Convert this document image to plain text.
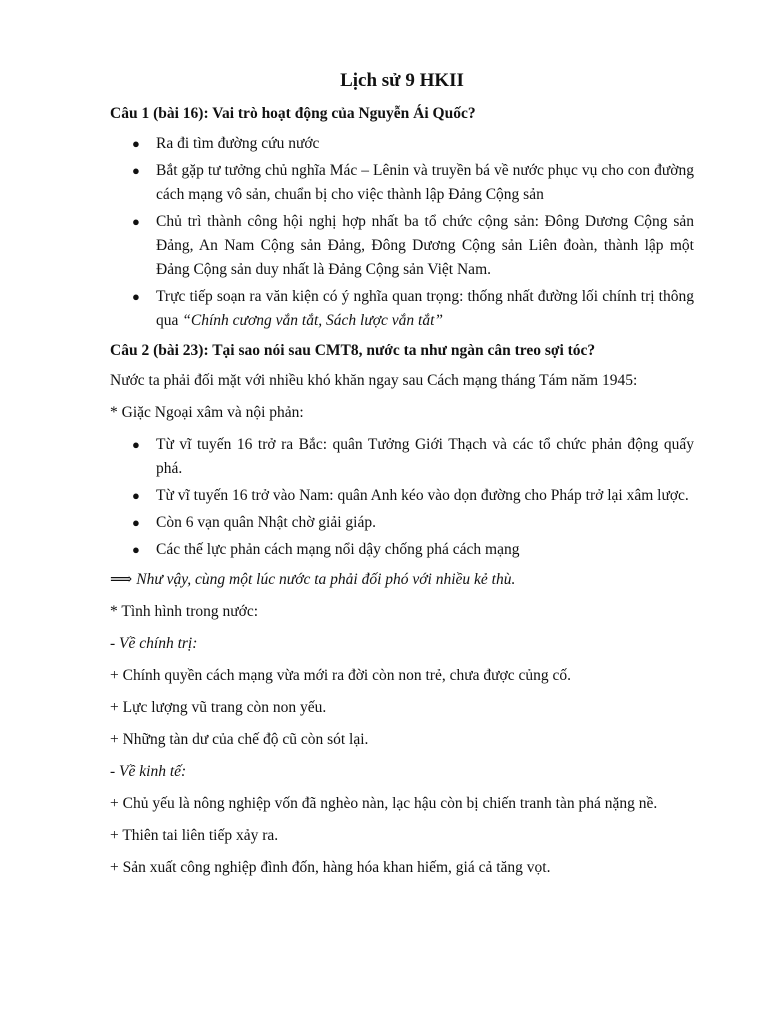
Lịch sử 9 HKII
Câu 1 (bài 16): Vai trò hoạt động của Nguyễn Ái Quốc?
● Ra đi tìm đường cứu nước
● Bắt gặp tư tưởng chủ nghĩa Mác – Lênin và truyền bá về nước phục vụ cho con đường cách mạng vô sản, chuẩn bị cho việc thành lập Đảng Cộng sản
● Chủ trì thành công hội nghị hợp nhất ba tổ chức cộng sản: Đông Dương Cộng sản Đảng, An Nam Cộng sản Đảng, Đông Dương Cộng sản Liên đoàn, thành lập một Đảng Cộng sản duy nhất là Đảng Cộng sản Việt Nam.
● Trực tiếp soạn ra văn kiện có ý nghĩa quan trọng: thống nhất đường lối chính trị thông qua “Chính cương vắn tắt, Sách lược vắn tắt”
Câu 2 (bài 23): Tại sao nói sau CMT8, nước ta như ngàn cân treo sợi tóc?
Nước ta phải đối mặt với nhiều khó khăn ngay sau Cách mạng tháng Tám năm 1945:
* Giặc Ngoại xâm và nội phản:
● Từ vĩ tuyến 16 trở ra Bắc: quân Tưởng Giới Thạch và các tổ chức phản động quấy phá.
● Từ vĩ tuyến 16 trở vào Nam: quân Anh kéo vào dọn đường cho Pháp trở lại xâm lược.
● Còn 6 vạn quân Nhật chờ giải giáp.
● Các thế lực phản cách mạng nổi dậy chống phá cách mạng
⟹ Như vậy, cùng một lúc nước ta phải đối phó với nhiều kẻ thù.
* Tình hình trong nước:
- Về chính trị:
+ Chính quyền cách mạng vừa mới ra đời còn non trẻ, chưa được củng cố.
+ Lực lượng vũ trang còn non yếu.
+ Những tàn dư của chế độ cũ còn sót lại.
- Về kinh tế:
+ Chủ yếu là nông nghiệp vốn đã nghèo nàn, lạc hậu còn bị chiến tranh tàn phá nặng nề.
+ Thiên tai liên tiếp xảy ra.
+ Sản xuất công nghiệp đình đốn, hàng hóa khan hiếm, giá cả tăng vọt.
